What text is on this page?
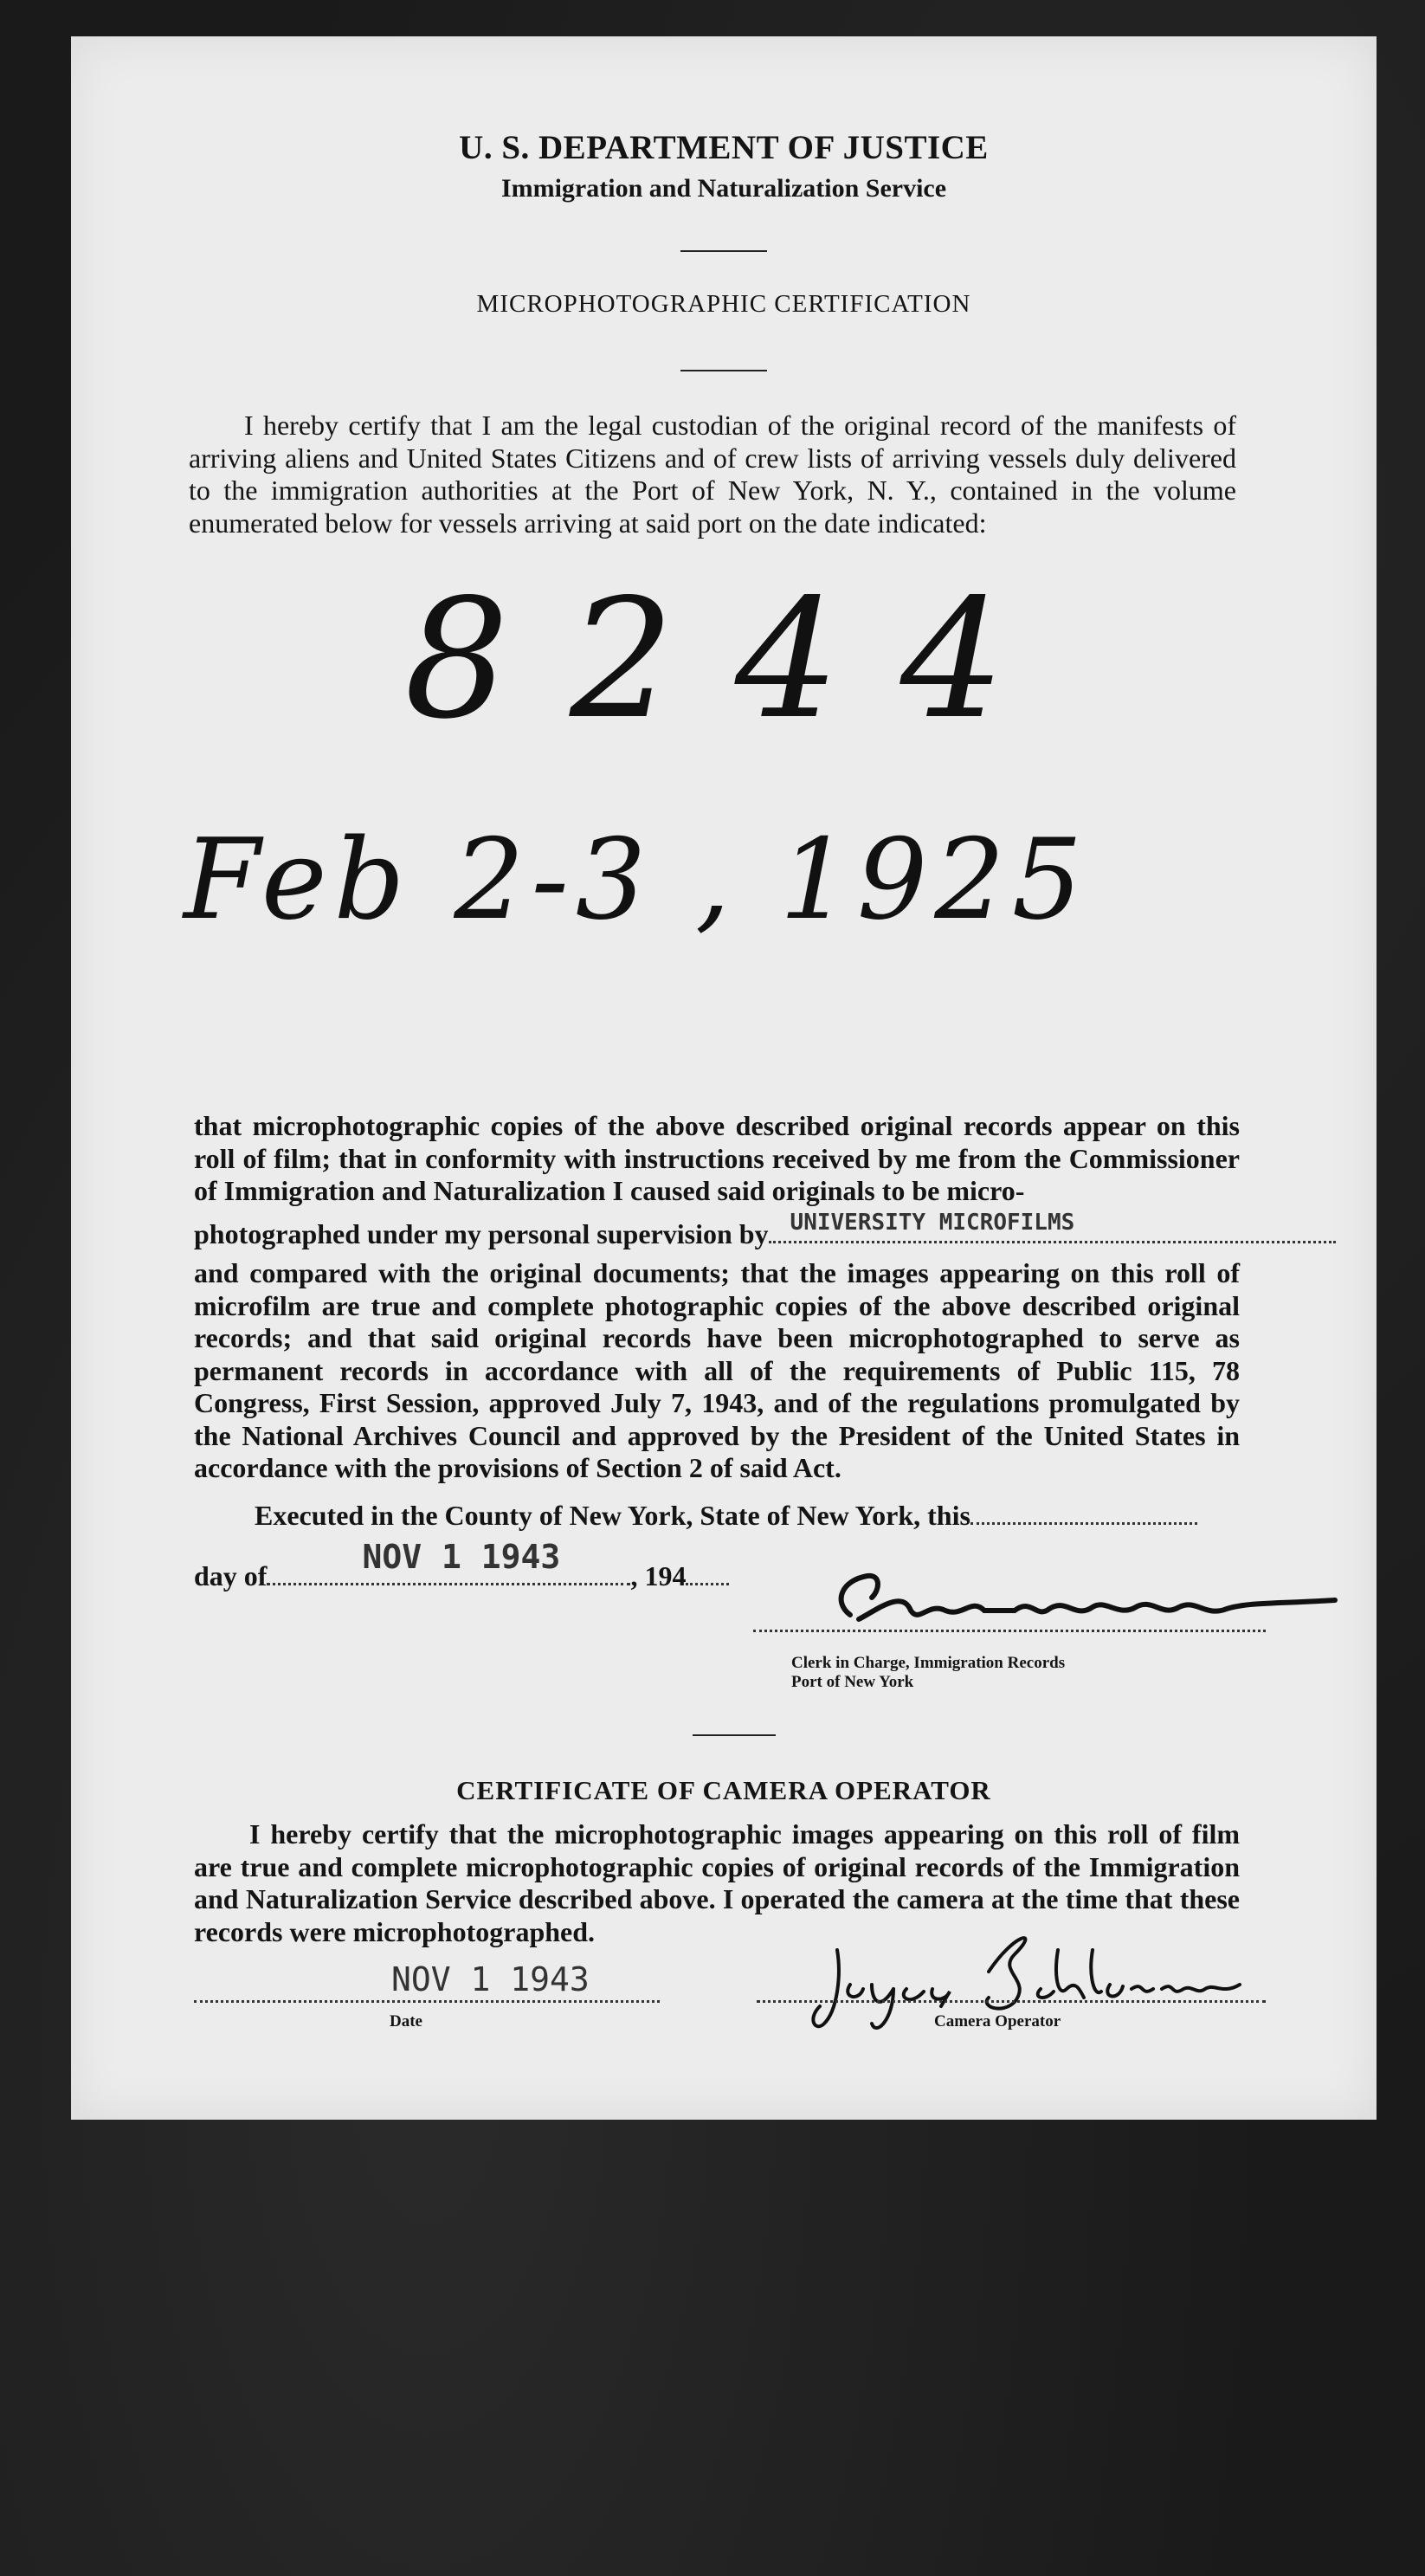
U. S. DEPARTMENT OF JUSTICE
Immigration and Naturalization Service
MICROPHOTOGRAPHIC CERTIFICATION
I hereby certify that I am the legal custodian of the original record of the manifests of arriving aliens and United States Citizens and of crew lists of arriving vessels duly delivered to the immigration authorities at the Port of New York, N. Y., contained in the volume enumerated below for vessels arriving at said port on the date indicated:
8244
Feb 2-3 , 1925
that microphotographic copies of the above described original records appear on this roll of film; that in conformity with instructions received by me from the Commissioner of Immigration and Naturalization I caused said originals to be micro-
photographed under my personal supervision by UNIVERSITY MICROFILMS
and compared with the original documents; that the images appearing on this roll of microfilm are true and complete photographic copies of the above described original records; and that said original records have been microphotographed to serve as permanent records in accordance with all of the requirements of Public 115, 78 Congress, First Session, approved July 7, 1943, and of the regulations promulgated by the National Archives Council and approved by the President of the United States in accordance with the provisions of Section 2 of said Act.
Executed in the County of New York, State of New York, this
day of	NOV 1 1943	, 194
Clerk in Charge, Immigration Records
Port of New York
CERTIFICATE OF CAMERA OPERATOR
I hereby certify that the microphotographic images appearing on this roll of film are true and complete microphotographic copies of original records of the Immigration and Naturalization Service described above. I operated the camera at the time that these records were microphotographed.
NOV 1 1943
Date	Camera Operator
